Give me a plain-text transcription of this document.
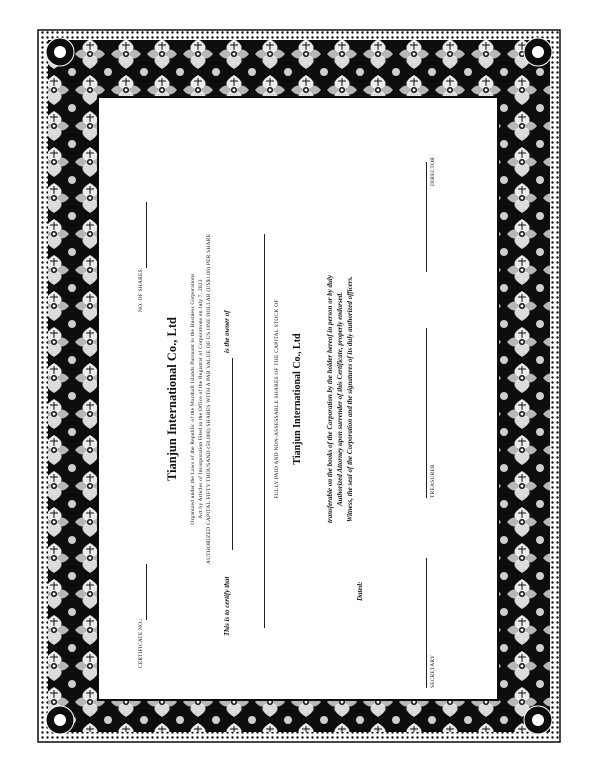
CERTIFICATE NO.:
NO. OF SHARES:
Tianjun International Co., Ltd Organized under the Laws of the Republic of the Marshall Islands Pursuant to the Business Corporations Act by Articles of Incorporation Filed in the Office of the Registrar of Corporations on July 7, 2023 AUTHORIZED CAPITAL FIFTY THOUSAND (50,000) SHARES WITH A PAR VALUE OF US ONE DOLLAR (US$1.00) PER SHARE
This is to certify that
is the owner of	FULLY PAID AND NON-ASSESSABLE SHARES OF THE CAPITAL STOCK OF Tianjun International Co., Ltd	transferable on the books of the Corporation by the holder hereof in person or by duly Authorized Attorney upon surrender of this Certificate, properly endorsed. Witness, the seal of the Corporation and the signatures of its duly authorized officers.
Dated:
SECRETARY
TREASURER
DIRECTOR
